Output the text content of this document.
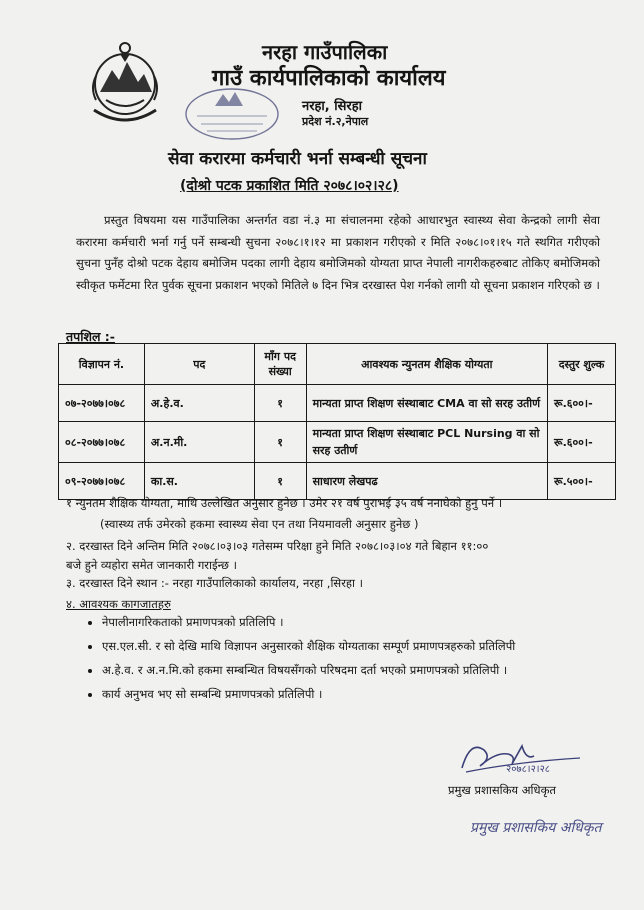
नरहा गाउँपालिका
गाउँ कार्यपालिकाको कार्यालय
नरहा, सिरहा
प्रदेश नं.२,नेपाल
सेवा करारमा कर्मचारी भर्ना सम्बन्धी सूचना
(दोश्रो पटक प्रकाशित मिति २०७८।०२।२८)
प्रस्तुत विषयमा यस गाउँपालिका अन्तर्गत वडा नं.३ मा संचालनमा रहेको आधारभुत स्वास्थ्य सेवा केन्द्रको लागी सेवा करारमा कर्मचारी भर्ना गर्नु पर्ने सम्बन्धी सुचना २०७८।१।१२ मा प्रकाशन गरीएको र मिति २०७८।०१।१५ गते स्थगित गरीएको सुचना पुनँह दोश्रो पटक देहाय बमोजिम पदका लागी देहाय बमोजिमको योग्यता प्राप्त नेपाली नागरीकहरुबाट तोकिए बमोजिमको स्वीकृत फर्मेटमा रित पुर्वक सूचना प्रकाशन भएको मितिले ७ दिन भित्र दरखास्त पेश गर्नको लागी यो सूचना प्रकाशन गरिएको छ ।
तपशिल :-
विज्ञापन नं.	पद	माँग पद संख्या	आवश्यक न्युनतम शैक्षिक योग्यता	दस्तुर शुल्क
०७-२०७७।०७८	अ.हे.व.	१	मान्यता प्राप्त शिक्षण संस्थाबाट CMA वा सो सरह उतीर्ण	रू.६००।-
०८-२०७७।०७८	अ.न.मी.	१	मान्यता प्राप्त शिक्षण संस्थाबाट PCL Nursing वा सो सरह उतीर्ण	रू.६००।-
०९-२०७७।०७८	का.स.	१	साधारण लेखपढ	रू.५००।-
१ न्युनतम शैक्षिक योग्यता, माथि उल्लेखित अनुसार हुनेछ । उमेर २१ वर्ष पुराभई ३५ वर्ष ननाघेको हुनु पर्ने ।
(स्वास्थ्य तर्फ उमेरको हकमा स्वास्थ्य सेवा एन तथा नियमावली अनुसार हुनेछ )
२. दरखास्त दिने अन्तिम मिति २०७८।०३।०३ गतेसम्म परिक्षा हुने मिति २०७८।०३।०४ गते बिहान ११:००
बजे हुने व्यहोरा समेत जानकारी गराईन्छ ।
३. दरखास्त दिने स्थान :- नरहा गाउँपालिकाको कार्यालय, नरहा ,सिरहा ।
४. आवश्यक कागजातहरु
• नेपालीनागरिकताको प्रमाणपत्रको प्रतिलिपि ।
• एस.एल.सी. र सो देखि माथि विज्ञापन अनुसारको शैक्षिक योग्यताका सम्पूर्ण प्रमाणपत्रहरुको प्रतिलिपी
• अ.हे.व. र अ.न.मि.को हकमा सम्बन्धित विषयसँगको परिषदमा दर्ता भएको प्रमाणपत्रको प्रतिलिपी ।
• कार्य अनुभव भए सो सम्बन्धि प्रमाणपत्रको प्रतिलिपी ।
२०७८।२।२८
प्रमुख प्रशासकिय अधिकृत
प्रमुख प्रशासकिय अधिकृत
